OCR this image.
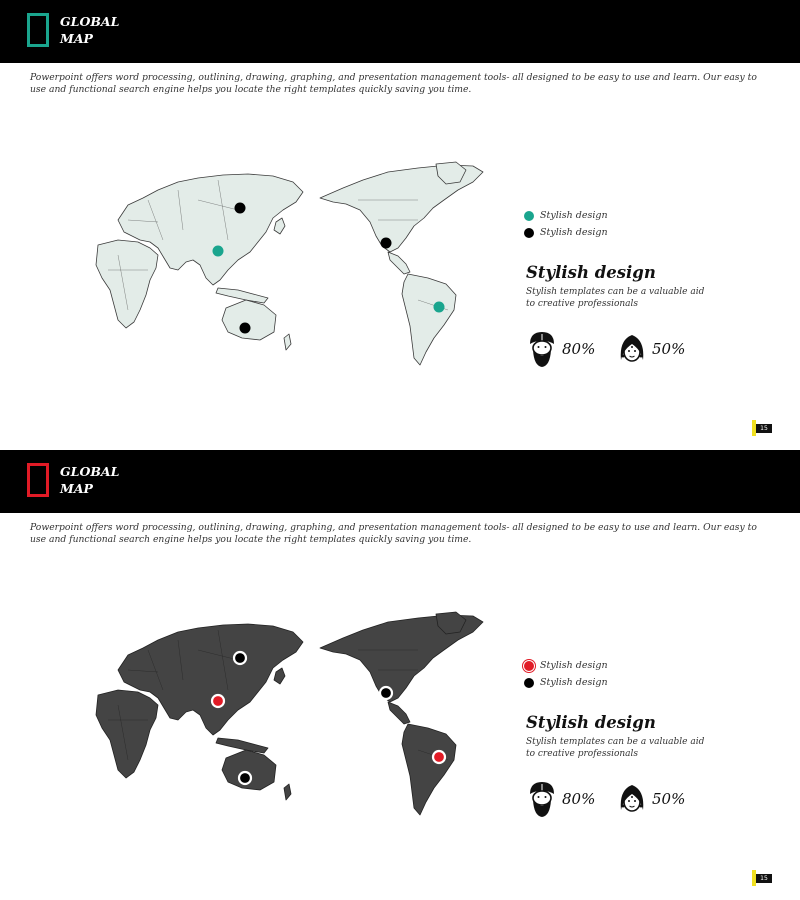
GLOBAL
MAP
Powerpoint offers word processing, outlining, drawing, graphing, and presentation management tools- all designed to be easy to use and learn. Our easy to use and functional search engine helps you locate the right templates quickly saving you time.
Stylish design
Stylish design
Stylish design
Stylish templates can be a valuable aid to creative professionals
80%	50%
15
GLOBAL
MAP
Powerpoint offers word processing, outlining, drawing, graphing, and presentation management tools- all designed to be easy to use and learn. Our easy to use and functional search engine helps you locate the right templates quickly saving you time.
Stylish design
Stylish design
Stylish design
Stylish templates can be a valuable aid to creative professionals
80%	50%
15
